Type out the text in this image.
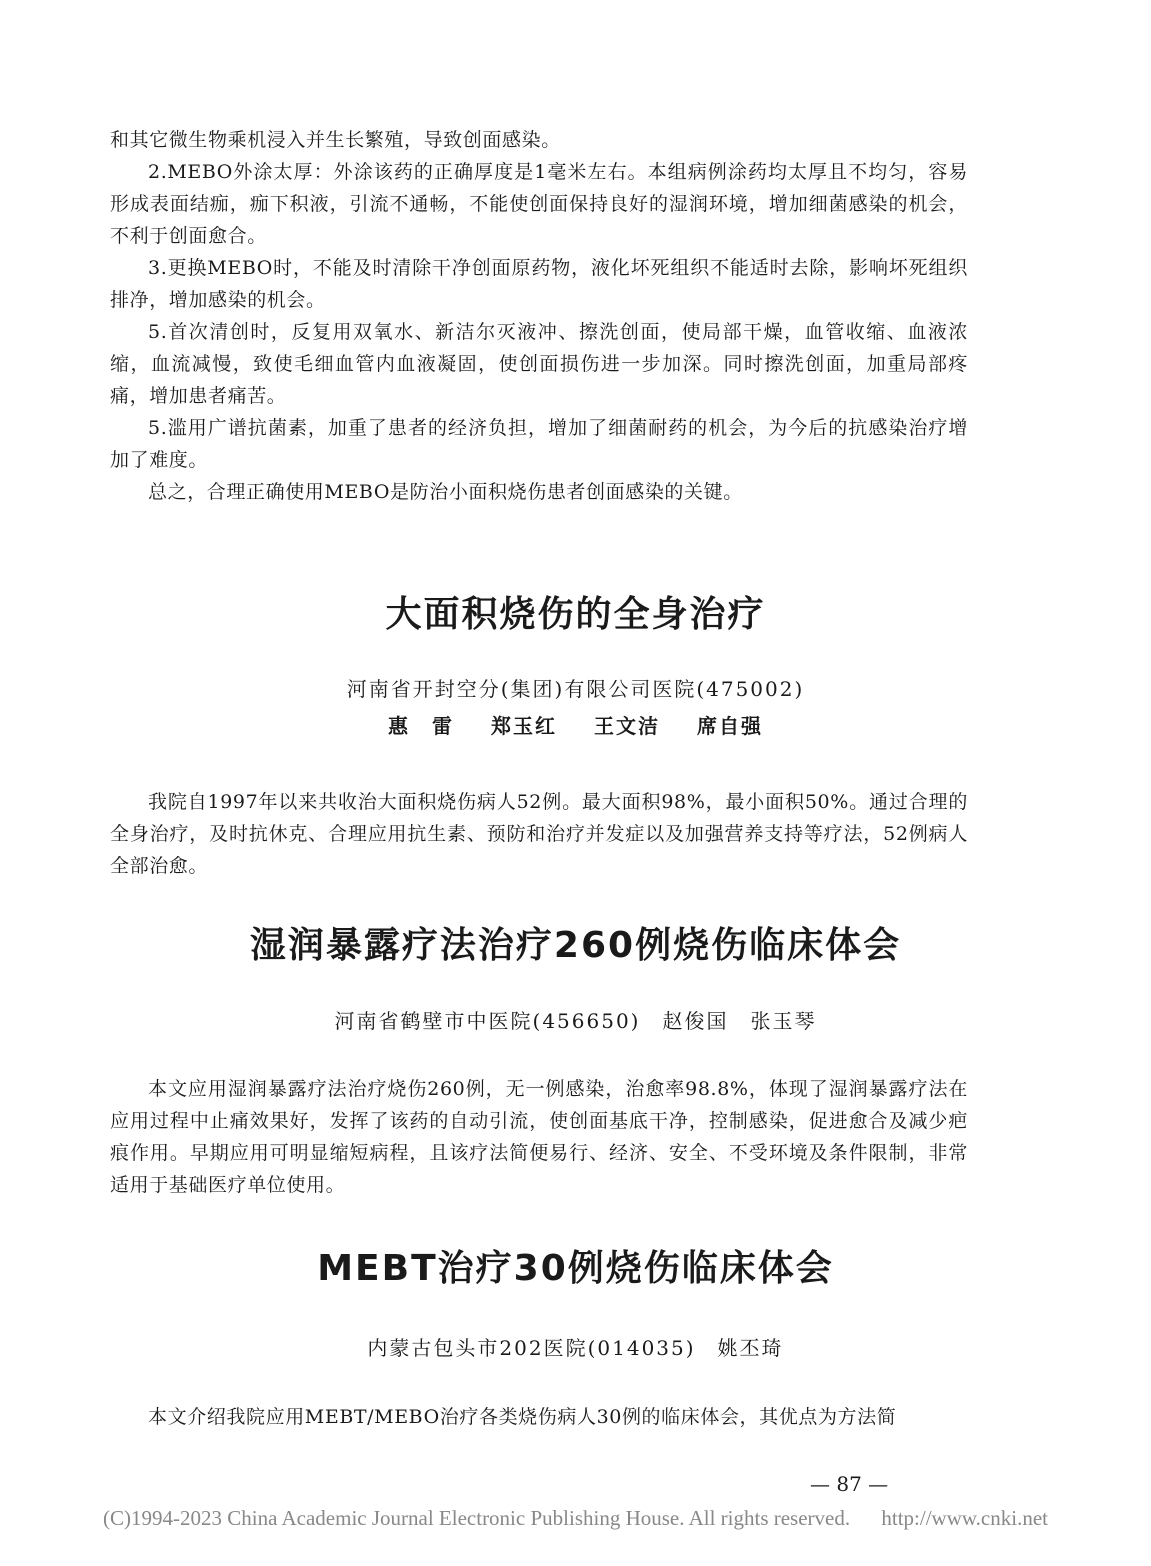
和其它微生物乘机浸入并生长繁殖，导致创面感染。

2.MEBO外涂太厚：外涂该药的正确厚度是1毫米左右。本组病例涂药均太厚且不均匀，容易形成表面结痂，痂下积液，引流不通畅，不能使创面保持良好的湿润环境，增加细菌感染的机会，不利于创面愈合。

3.更换MEBO时，不能及时清除干净创面原药物，液化坏死组织不能适时去除，影响坏死组织排净，增加感染的机会。

5.首次清创时，反复用双氧水、新洁尔灭液冲、擦洗创面，使局部干燥，血管收缩、血液浓缩，血流减慢，致使毛细血管内血液凝固，使创面损伤进一步加深。同时擦洗创面，加重局部疼痛，增加患者痛苦。

5.滥用广谱抗菌素，加重了患者的经济负担，增加了细菌耐药的机会，为今后的抗感染治疗增加了难度。

总之，合理正确使用MEBO是防治小面积烧伤患者创面感染的关键。

大面积烧伤的全身治疗

河南省开封空分(集团)有限公司医院(475002)

惠　雷 郑玉红 王文洁 席自强

我院自1997年以来共收治大面积烧伤病人52例。最大面积98%，最小面积50%。通过合理的全身治疗，及时抗休克、合理应用抗生素、预防和治疗并发症以及加强营养支持等疗法，52例病人全部治愈。

湿润暴露疗法治疗260例烧伤临床体会

河南省鹤壁市中医院(456650)　赵俊国　张玉琴

本文应用湿润暴露疗法治疗烧伤260例，无一例感染，治愈率98.8%，体现了湿润暴露疗法在应用过程中止痛效果好，发挥了该药的自动引流，使创面基底干净，控制感染，促进愈合及减少疤痕作用。早期应用可明显缩短病程，且该疗法简便易行、经济、安全、不受环境及条件限制，非常适用于基础医疗单位使用。

MEBT治疗30例烧伤临床体会

内蒙古包头市202医院(014035)　姚丕琦

本文介绍我院应用MEBT/MEBO治疗各类烧伤病人30例的临床体会，其优点为方法简

— 87 —
(C)1994-2023 China Academic Journal Electronic Publishing House. All rights reserved. http://www.cnki.net
